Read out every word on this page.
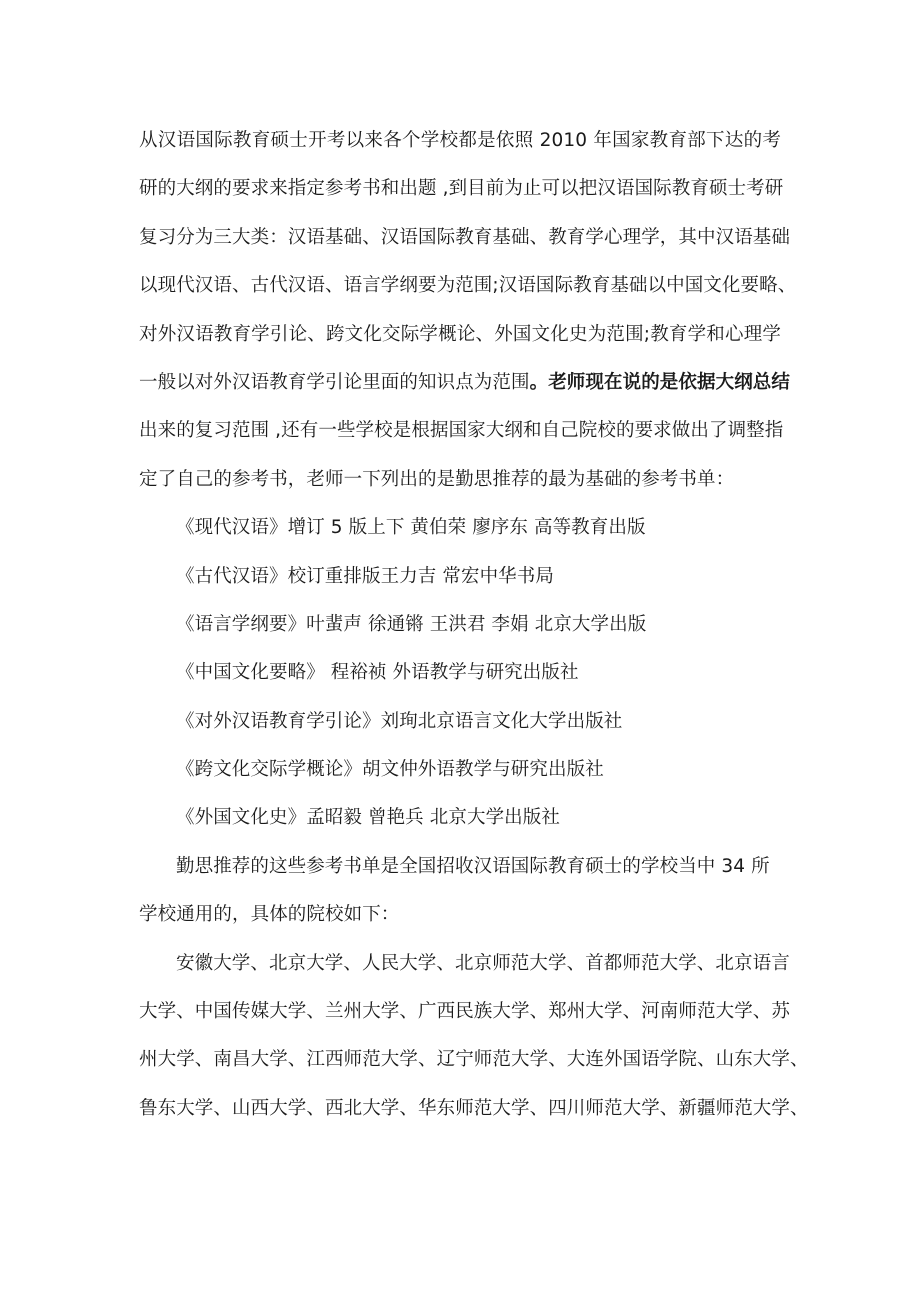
从汉语国际教育硕士开考以来各个学校都是依照 2010 年国家教育部下达的考
研的大纲的要求来指定参考书和出题 ,到目前为止可以把汉语国际教育硕士考研
复习分为三大类：汉语基础、汉语国际教育基础、教育学心理学，其中汉语基础
以现代汉语、古代汉语、语言学纲要为范围;汉语国际教育基础以中国文化要略、
对外汉语教育学引论、跨文化交际学概论、外国文化史为范围;教育学和心理学
一般以对外汉语教育学引论里面的知识点为范围。老师现在说的是依据大纲总结
出来的复习范围 ,还有一些学校是根据国家大纲和自己院校的要求做出了调整指
定了自己的参考书，老师一下列出的是勤思推荐的最为基础的参考书单：
《现代汉语》增订 5 版上下 黄伯荣 廖序东 高等教育出版
《古代汉语》校订重排版王力吉 常宏中华书局
《语言学纲要》叶蜚声 徐通锵 王洪君 李娟 北京大学出版
《中国文化要略》 程裕祯 外语教学与研究出版社
《对外汉语教育学引论》刘珣北京语言文化大学出版社
《跨文化交际学概论》胡文仲外语教学与研究出版社
《外国文化史》孟昭毅 曾艳兵 北京大学出版社
勤思推荐的这些参考书单是全国招收汉语国际教育硕士的学校当中 34 所
学校通用的，具体的院校如下：
安徽大学、北京大学、人民大学、北京师范大学、首都师范大学、北京语言
大学、中国传媒大学、兰州大学、广西民族大学、郑州大学、河南师范大学、苏
州大学、南昌大学、江西师范大学、辽宁师范大学、大连外国语学院、山东大学、
鲁东大学、山西大学、西北大学、华东师范大学、四川师范大学、新疆师范大学、
